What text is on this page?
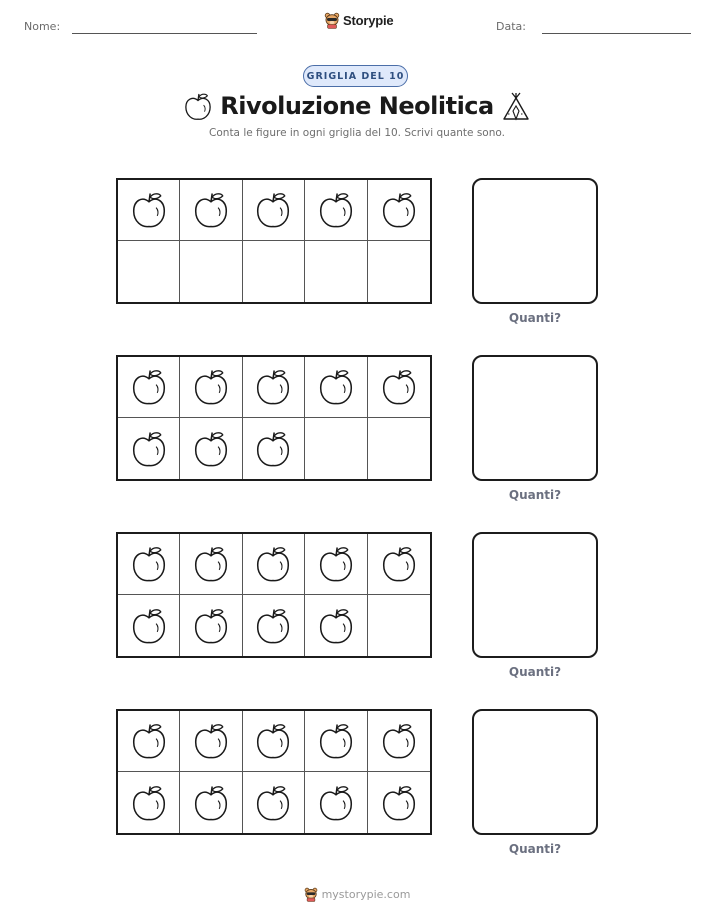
Nome:	Storypie	Data:
GRIGLIA DEL 10
Rivoluzione Neolitica
Conta le figure in ogni griglia del 10. Scrivi quante sono.
Quanti?
Quanti?
Quanti?
Quanti?
mystorypie.com
